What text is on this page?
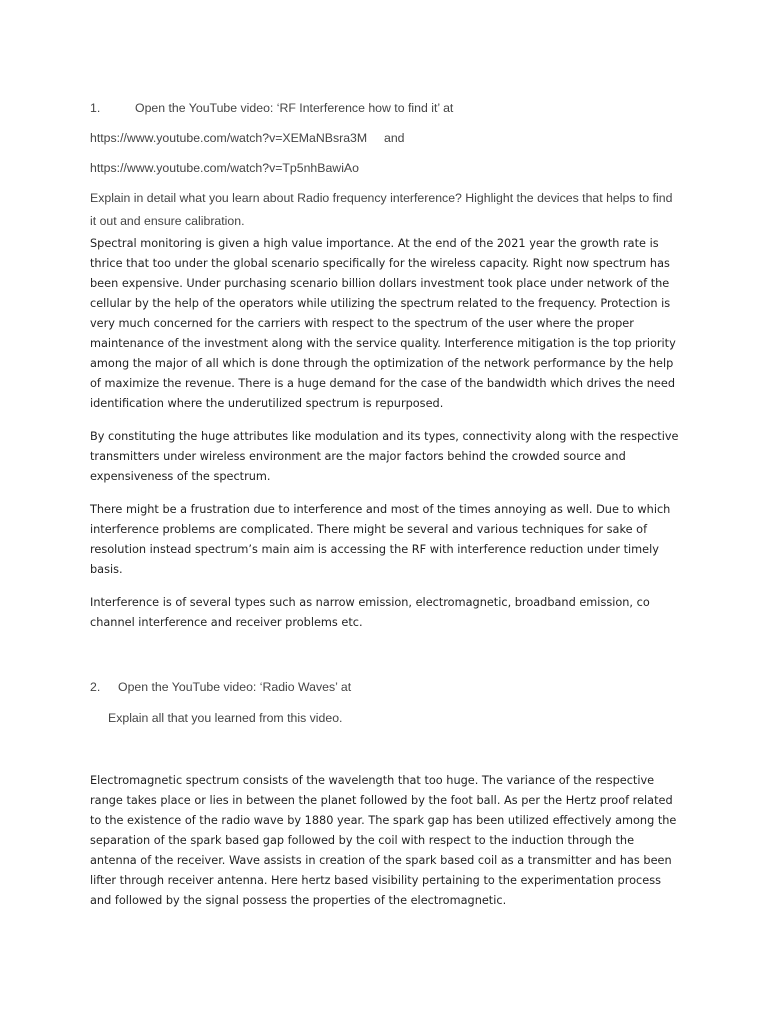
1.	Open the YouTube video: ‘RF Interference how to find it’ at
https://www.youtube.com/watch?v=XEMaNBsra3M and
https://www.youtube.com/watch?v=Tp5nhBawiAo
Explain in detail what you learn about Radio frequency interference? Highlight the devices that helps to find it out and ensure calibration.

Spectral monitoring is given a high value importance. At the end of the 2021 year the growth rate is thrice that too under the global scenario specifically for the wireless capacity. Right now spectrum has been expensive. Under purchasing scenario billion dollars investment took place under network of the cellular by the help of the operators while utilizing the spectrum related to the frequency. Protection is very much concerned for the carriers with respect to the spectrum of the user where the proper maintenance of the investment along with the service quality. Interference mitigation is the top priority among the major of all which is done through the optimization of the network performance by the help of maximize the revenue. There is a huge demand for the case of the bandwidth which drives the need identification where the underutilized spectrum is repurposed.

By constituting the huge attributes like modulation and its types, connectivity along with the respective transmitters under wireless environment are the major factors behind the crowded source and expensiveness of the spectrum.

There might be a frustration due to interference and most of the times annoying as well. Due to which interference problems are complicated. There might be several and various techniques for sake of resolution instead spectrum’s main aim is accessing the RF with interference reduction under timely basis.

Interference is of several types such as narrow emission, electromagnetic, broadband emission, co channel interference and receiver problems etc.

2. Open the YouTube video: ‘Radio Waves’ at
Explain all that you learned from this video.

Electromagnetic spectrum consists of the wavelength that too huge. The variance of the respective range takes place or lies in between the planet followed by the foot ball. As per the Hertz proof related to the existence of the radio wave by 1880 year. The spark gap has been utilized effectively among the separation of the spark based gap followed by the coil with respect to the induction through the antenna of the receiver. Wave assists in creation of the spark based coil as a transmitter and has been lifter through receiver antenna. Here hertz based visibility pertaining to the experimentation process and followed by the signal possess the properties of the electromagnetic.
